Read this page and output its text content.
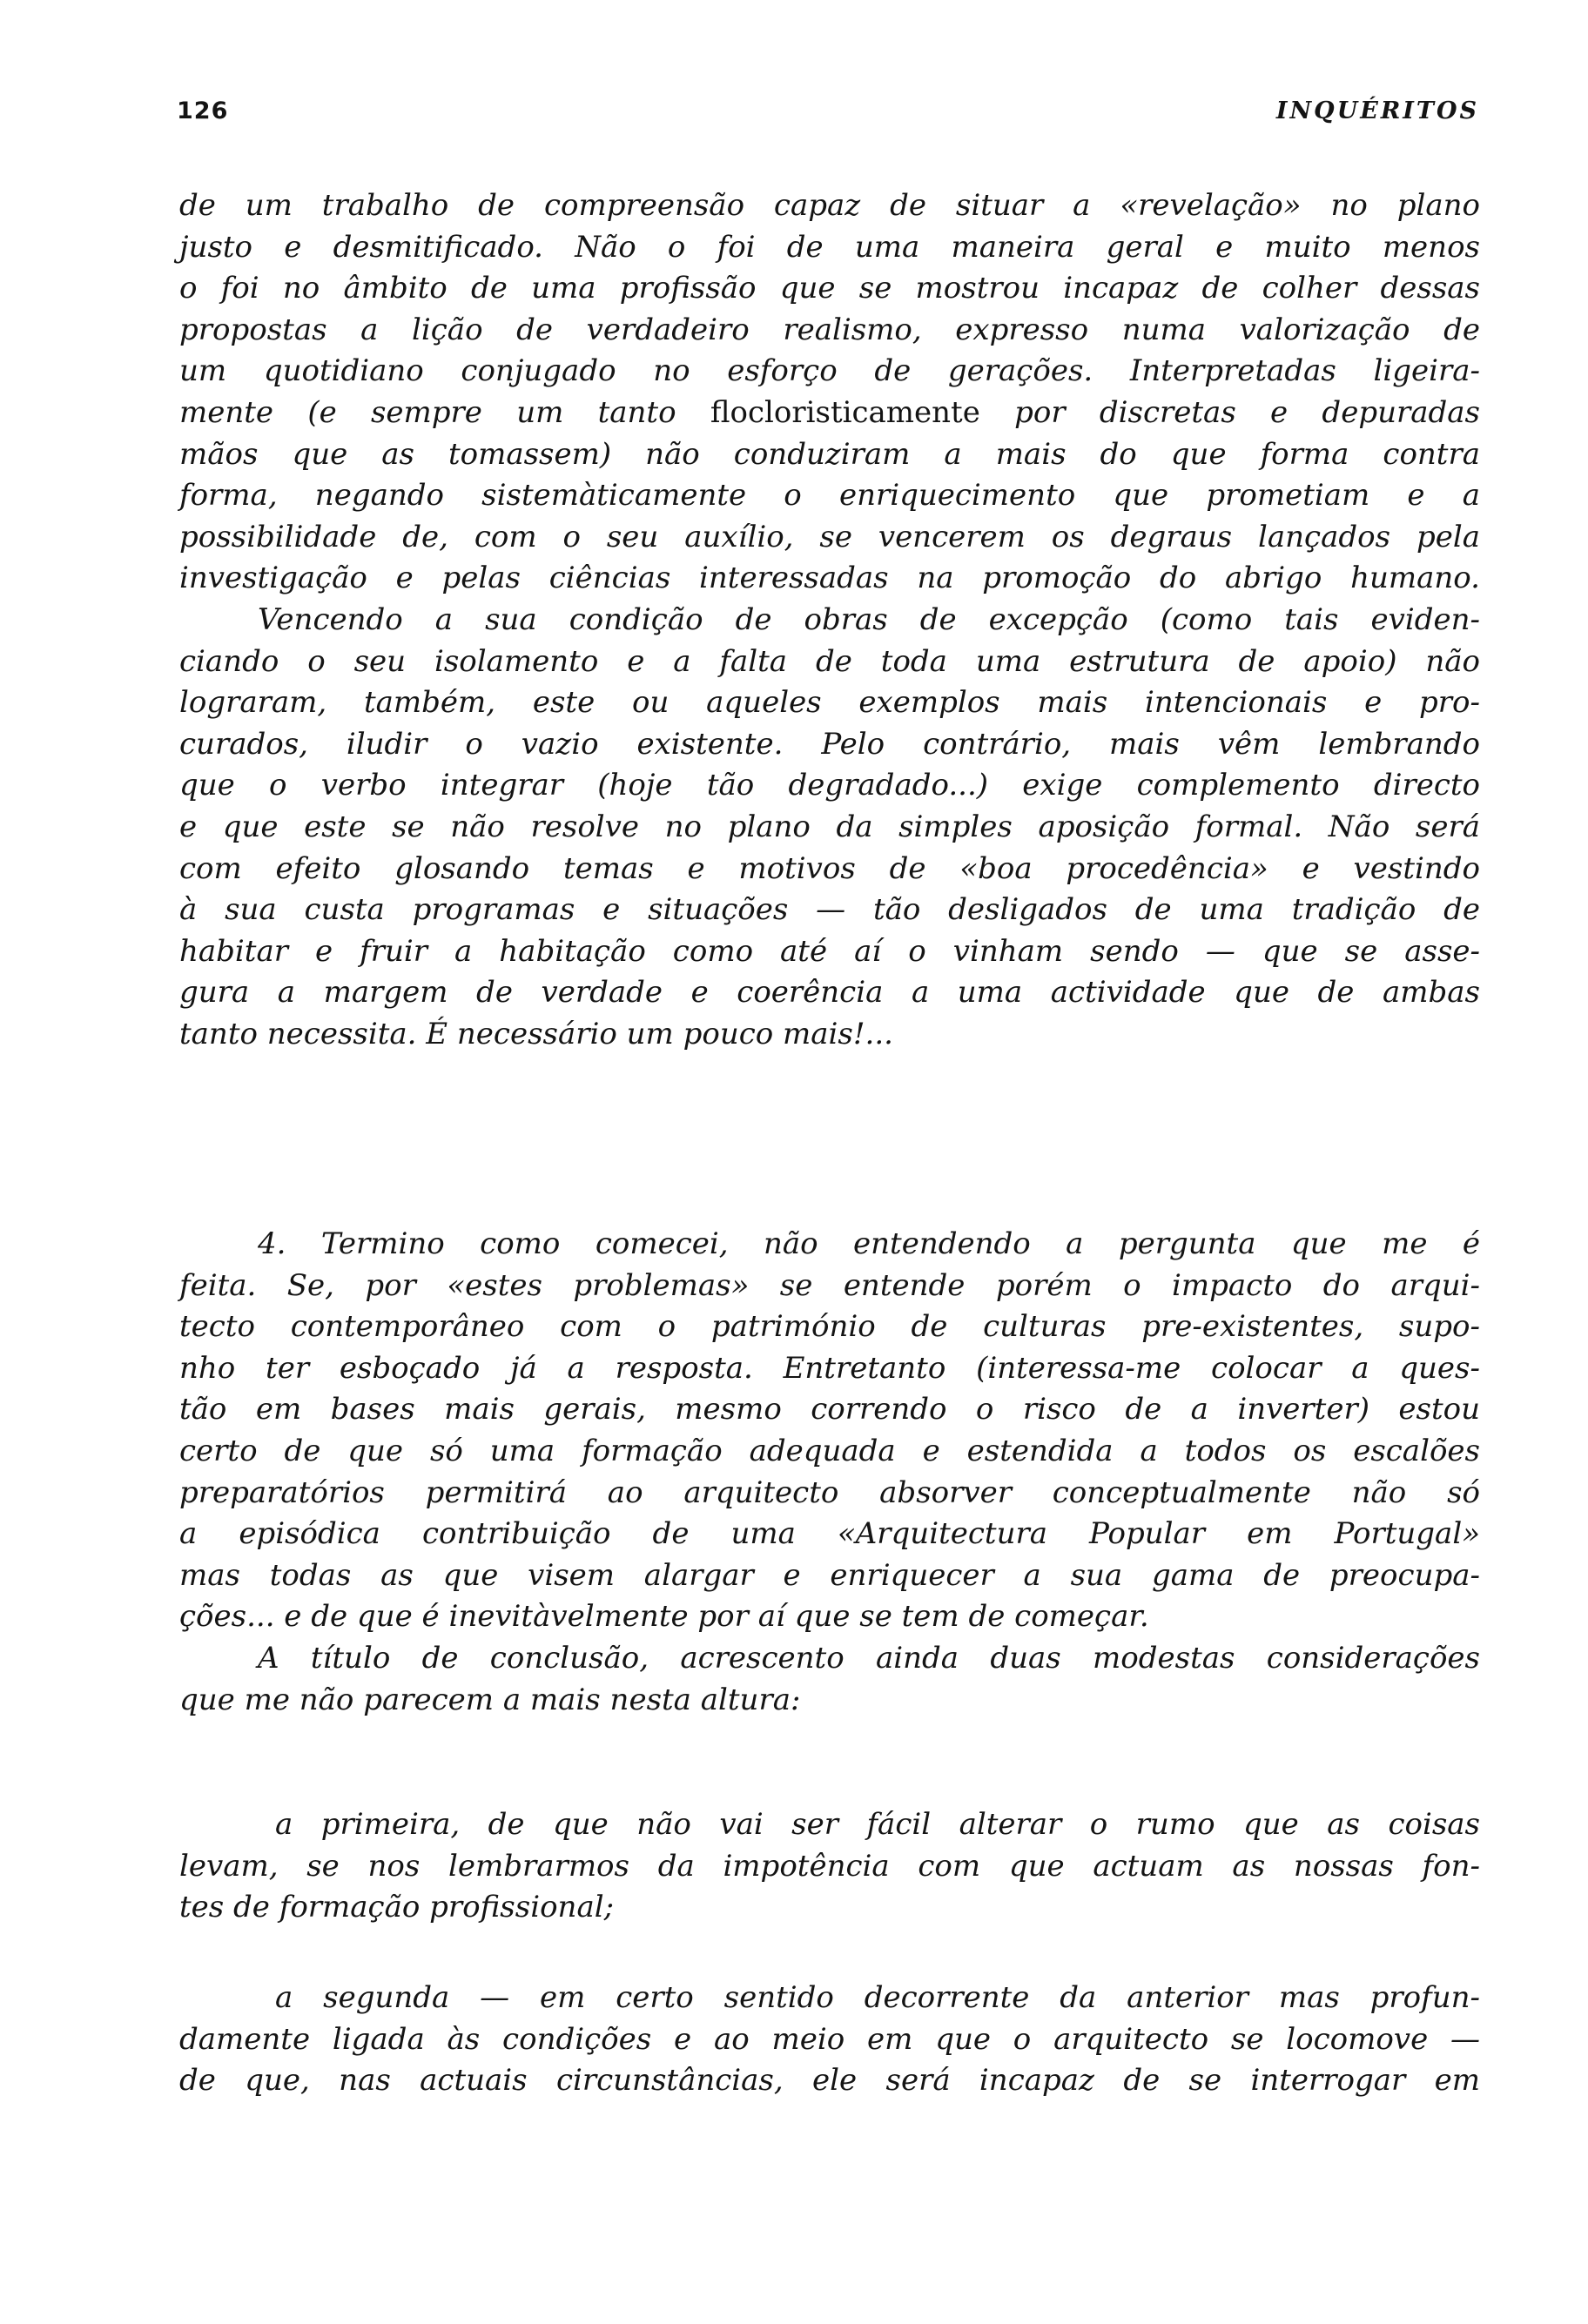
126	INQUÉRITOS
de um trabalho de compreensão capaz de situar a «revelação» no plano
justo e desmitificado. Não o foi de uma maneira geral e muito menos
o foi no âmbito de uma profissão que se mostrou incapaz de colher dessas
propostas a lição de verdadeiro realismo, expresso numa valorização de
um quotidiano conjugado no esforço de gerações. Interpretadas ligeira-
mente (e sempre um tanto flocloristicamente por discretas e depuradas
mãos que as tomassem) não conduziram a mais do que forma contra
forma, negando sistemàticamente o enriquecimento que prometiam e a
possibilidade de, com o seu auxílio, se vencerem os degraus lançados pela
investigação e pelas ciências interessadas na promoção do abrigo humano.
Vencendo a sua condição de obras de excepção (como tais eviden-
ciando o seu isolamento e a falta de toda uma estrutura de apoio) não
lograram, também, este ou aqueles exemplos mais intencionais e pro-
curados, iludir o vazio existente. Pelo contrário, mais vêm lembrando
que o verbo integrar (hoje tão degradado...) exige complemento directo
e que este se não resolve no plano da simples aposição formal. Não será
com efeito glosando temas e motivos de «boa procedência» e vestindo
à sua custa programas e situações — tão desligados de uma tradição de
habitar e fruir a habitação como até aí o vinham sendo — que se asse-
gura a margem de verdade e coerência a uma actividade que de ambas
tanto necessita. É necessário um pouco mais!...
4. Termino como comecei, não entendendo a pergunta que me é
feita. Se, por «estes problemas» se entende porém o impacto do arqui-
tecto contemporâneo com o património de culturas pre-existentes, supo-
nho ter esboçado já a resposta. Entretanto (interessa-me colocar a ques-
tão em bases mais gerais, mesmo correndo o risco de a inverter) estou
certo de que só uma formação adequada e estendida a todos os escalões
preparatórios permitirá ao arquitecto absorver conceptualmente não só
a episódica contribuição de uma «Arquitectura Popular em Portugal»
mas todas as que visem alargar e enriquecer a sua gama de preocupa-
ções... e de que é inevitàvelmente por aí que se tem de começar.
A título de conclusão, acrescento ainda duas modestas considerações
que me não parecem a mais nesta altura:
a primeira, de que não vai ser fácil alterar o rumo que as coisas
levam, se nos lembrarmos da impotência com que actuam as nossas fon-
tes de formação profissional;
a segunda — em certo sentido decorrente da anterior mas profun-
damente ligada às condições e ao meio em que o arquitecto se locomove —
de que, nas actuais circunstâncias, ele será incapaz de se interrogar em
